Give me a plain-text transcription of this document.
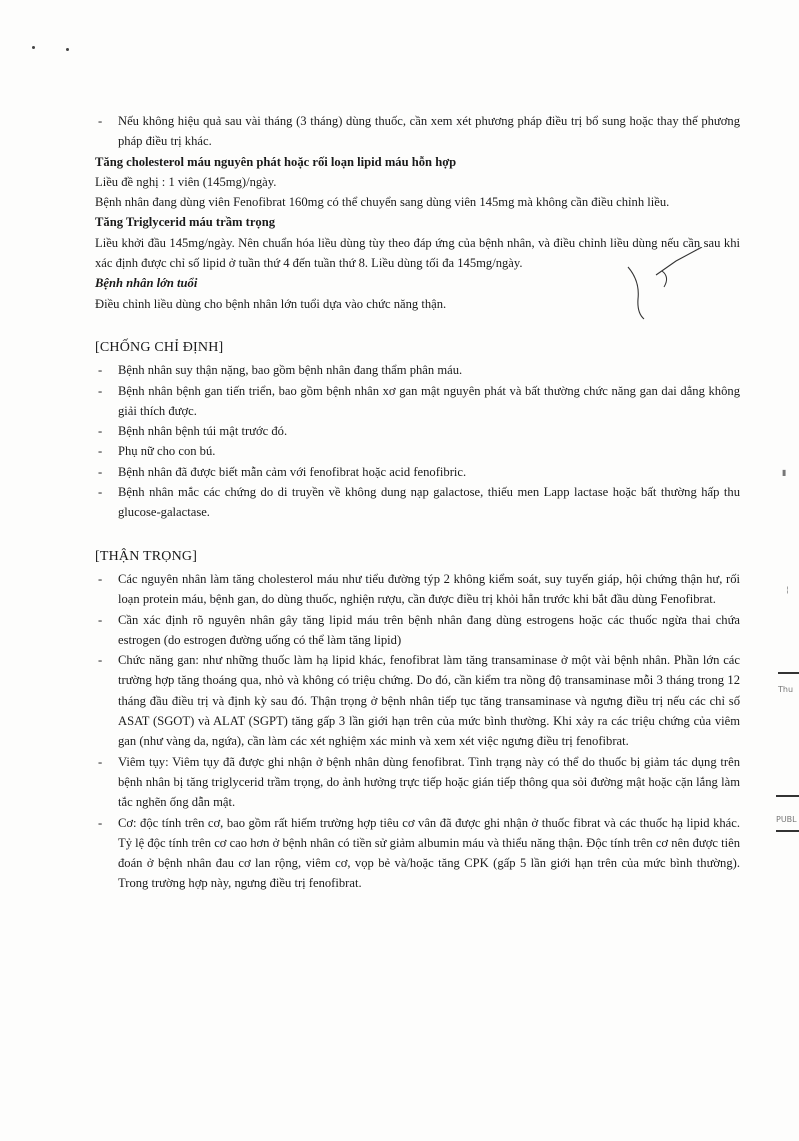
- Nếu không hiệu quả sau vài tháng (3 tháng) dùng thuốc, cần xem xét phương pháp điều trị bổ sung hoặc thay thế phương pháp điều trị khác.
Tăng cholesterol máu nguyên phát hoặc rối loạn lipid máu hỗn hợp
Liều đề nghị : 1 viên (145mg)/ngày.
Bệnh nhân đang dùng viên Fenofibrat 160mg có thể chuyển sang dùng viên 145mg mà không cần điều chỉnh liều.
Tăng Triglycerid máu trầm trọng
Liều khởi đầu 145mg/ngày. Nên chuẩn hóa liều dùng tùy theo đáp ứng của bệnh nhân, và điều chỉnh liều dùng nếu cần sau khi xác định được chỉ số lipid ở tuần thứ 4 đến tuần thứ 8. Liều dùng tối đa 145mg/ngày.
Bệnh nhân lớn tuổi
Điều chỉnh liều dùng cho bệnh nhân lớn tuổi dựa vào chức năng thận.
[CHỐNG CHỈ ĐỊNH]
- Bệnh nhân suy thận nặng, bao gồm bệnh nhân đang thẩm phân máu.
- Bệnh nhân bệnh gan tiến triển, bao gồm bệnh nhân xơ gan mật nguyên phát và bất thường chức năng gan dai dẳng không giải thích được.
- Bệnh nhân bệnh túi mật trước đó.
- Phụ nữ cho con bú.
- Bệnh nhân đã được biết mẫn cảm với fenofibrat hoặc acid fenofibric.
- Bệnh nhân mắc các chứng do di truyền về không dung nạp galactose, thiếu men Lapp lactase hoặc bất thường hấp thu glucose-galactase.
[THẬN TRỌNG]
- Các nguyên nhân làm tăng cholesterol máu như tiểu đường týp 2 không kiểm soát, suy tuyến giáp, hội chứng thận hư, rối loạn protein máu, bệnh gan, do dùng thuốc, nghiện rượu, cần được điều trị khỏi hẳn trước khi bắt đầu dùng Fenofibrat.
- Cần xác định rõ nguyên nhân gây tăng lipid máu trên bệnh nhân đang dùng estrogens hoặc các thuốc ngừa thai chứa estrogen (do estrogen đường uống có thể làm tăng lipid)
- Chức năng gan: như những thuốc làm hạ lipid khác, fenofibrat làm tăng transaminase ở một vài bệnh nhân. Phần lớn các trường hợp tăng thoáng qua, nhỏ và không có triệu chứng. Do đó, cần kiểm tra nồng độ transaminase mỗi 3 tháng trong 12 tháng đầu điều trị và định kỳ sau đó. Thận trọng ở bệnh nhân tiếp tục tăng transaminase và ngưng điều trị nếu các chỉ số ASAT (SGOT) và ALAT (SGPT) tăng gấp 3 lần giới hạn trên của mức bình thường. Khi xảy ra các triệu chứng của viêm gan (như vàng da, ngứa), cần làm các xét nghiệm xác minh và xem xét việc ngưng điều trị fenofibrat.
- Viêm tụy: Viêm tụy đã được ghi nhận ở bệnh nhân dùng fenofibrat. Tình trạng này có thể do thuốc bị giảm tác dụng trên bệnh nhân bị tăng triglycerid trầm trọng, do ảnh hưởng trực tiếp hoặc gián tiếp thông qua sỏi đường mật hoặc cặn lắng làm tắc nghẽn ống dẫn mật.
- Cơ: độc tính trên cơ, bao gồm rất hiếm trường hợp tiêu cơ vân đã được ghi nhận ở thuốc fibrat và các thuốc hạ lipid khác. Tỷ lệ độc tính trên cơ cao hơn ở bệnh nhân có tiền sử giảm albumin máu và thiểu năng thận. Độc tính trên cơ nên được tiên đoán ở bệnh nhân đau cơ lan rộng, viêm cơ, vọp bẻ và/hoặc tăng CPK (gấp 5 lần giới hạn trên của mức bình thường). Trong trường hợp này, ngưng điều trị fenofibrat.
▮
¦
Thu
PUBL
